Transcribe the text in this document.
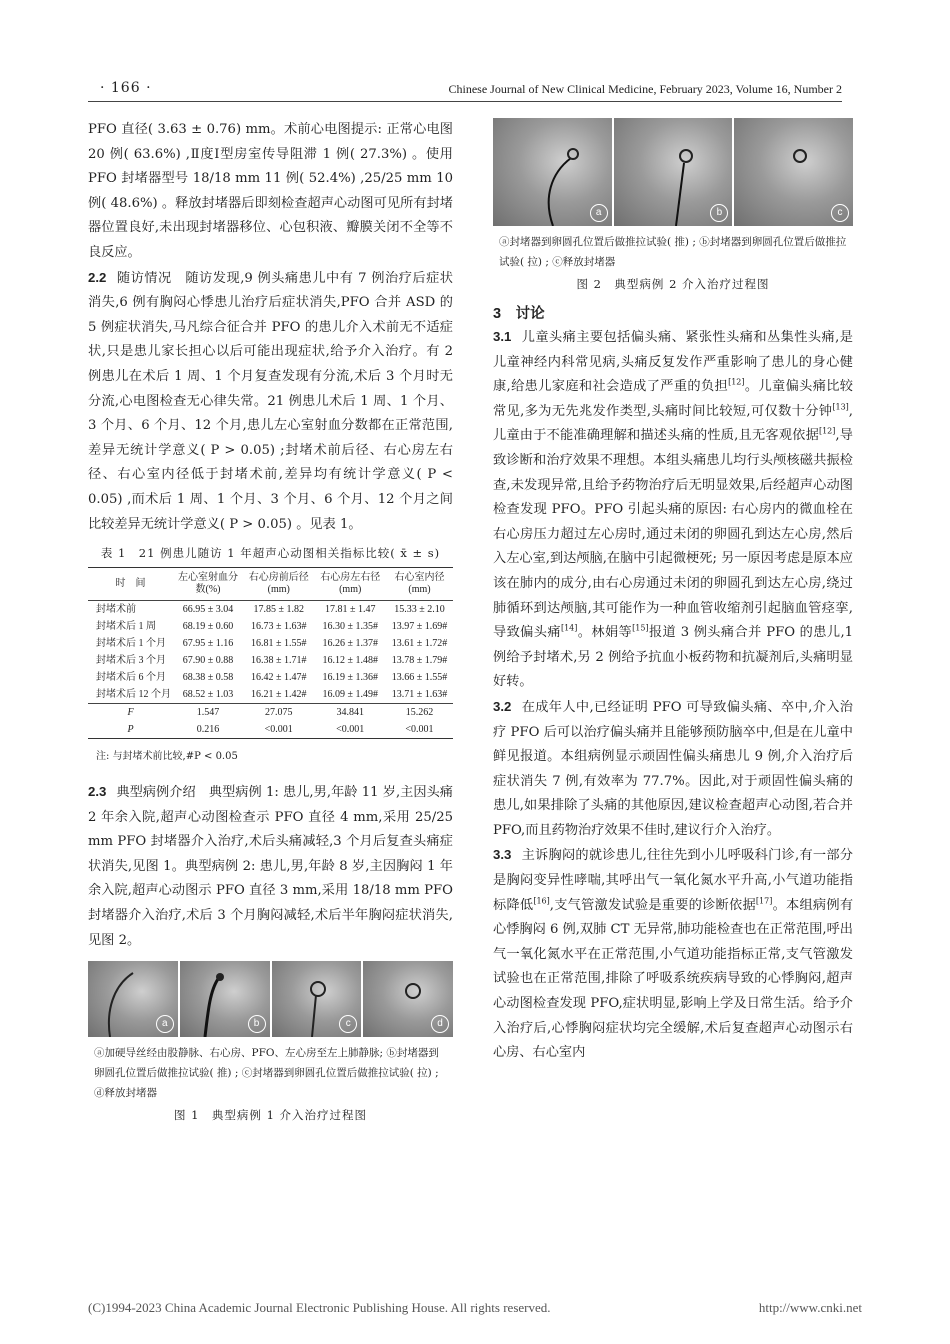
· 166 ·	Chinese Journal of New Clinical Medicine, February 2023, Volume 16, Number 2

PFO 直径( 3.63 ± 0.76) mm。术前心电图提示: 正常心电图 20 例( 63.6%) ,Ⅱ度Ⅰ型房室传导阻滞 1 例( 27.3%) 。使用 PFO 封堵器型号 18/18 mm 11 例( 52.4%) ,25/25 mm 10 例( 48.6%) 。释放封堵器后即刻检查超声心动图可见所有封堵器位置良好,未出现封堵器移位、心包积液、瓣膜关闭不全等不良反应。

2.2 随访情况　随访发现,9 例头痛患儿中有 7 例治疗后症状消失,6 例有胸闷心悸患儿治疗后症状消失,PFO 合并 ASD 的 5 例症状消失,马凡综合征合并 PFO 的患儿介入术前无不适症状,只是患儿家长担心以后可能出现症状,给予介入治疗。有 2 例患儿在术后 1 周、1 个月复查发现有分流,术后 3 个月时无分流,心电图检查无心律失常。21 例患儿术后 1 周、1 个月、3 个月、6 个月、12 个月,患儿左心室射血分数都在正常范围,差异无统计学意义( P > 0.05) ;封堵术前后径、右心房左右径、右心室内径低于封堵术前,差异均有统计学意义( P < 0.05) ,而术后 1 周、1 个月、3 个月、6 个月、12 个月之间比较差异无统计学意义( P > 0.05) 。见表 1。

表 1　21 例患儿随访 1 年超声心动图相关指标比较( x̄ ± s)
时　间	左心室射血分数(%)	右心房前后径(mm)	右心房左右径(mm)	右心室内径(mm)
封堵术前	66.95 ± 3.04	17.85 ± 1.82	17.81 ± 1.47	15.33 ± 2.10
封堵术后 1 周	68.19 ± 0.60	16.73 ± 1.63#	16.30 ± 1.35#	13.97 ± 1.69#
封堵术后 1 个月	67.95 ± 1.16	16.81 ± 1.55#	16.26 ± 1.37#	13.61 ± 1.72#
封堵术后 3 个月	67.90 ± 0.88	16.38 ± 1.71#	16.12 ± 1.48#	13.78 ± 1.79#
封堵术后 6 个月	68.38 ± 0.58	16.42 ± 1.47#	16.19 ± 1.36#	13.66 ± 1.55#
封堵术后 12 个月	68.52 ± 1.03	16.21 ± 1.42#	16.09 ± 1.49#	13.71 ± 1.63#
F	1.547	27.075	34.841	15.262
P	0.216	<0.001	<0.001	<0.001
注: 与封堵术前比较,#P < 0.05

2.3 典型病例介绍　典型病例 1: 患儿,男,年龄 11 岁,主因头痛 2 年余入院,超声心动图检查示 PFO 直径 4 mm,采用 25/25 mm PFO 封堵器介入治疗,术后头痛减轻,3 个月后复查头痛症状消失,见图 1。典型病例 2: 患儿,男,年龄 8 岁,主因胸闷 1 年余入院,超声心动图示 PFO 直径 3 mm,采用 18/18 mm PFO 封堵器介入治疗,术后 3 个月胸闷减轻,术后半年胸闷症状消失,见图 2。

a	b	c	d
ⓐ加硬导丝经由股静脉、右心房、PFO、左心房至左上肺静脉; ⓑ封堵器到卵圆孔位置后做推拉试验( 推) ; ⓒ封堵器到卵圆孔位置后做推拉试验( 拉) ; ⓓ释放封堵器
图 1　典型病例 1 介入治疗过程图
a	b	c
ⓐ封堵器到卵圆孔位置后做推拉试验( 推) ; ⓑ封堵器到卵圆孔位置后做推拉试验( 拉) ; ⓒ释放封堵器
图 2　典型病例 2 介入治疗过程图
3　讨论

3.1 儿童头痛主要包括偏头痛、紧张性头痛和丛集性头痛,是儿童神经内科常见病,头痛反复发作严重影响了患儿的身心健康,给患儿家庭和社会造成了严重的负担[12]。儿童偏头痛比较常见,多为无先兆发作类型,头痛时间比较短,可仅数十分钟[13],儿童由于不能准确理解和描述头痛的性质,且无客观依据[12],导致诊断和治疗效果不理想。本组头痛患儿均行头颅核磁共振检查,未发现异常,且给予药物治疗后无明显效果,后经超声心动图检查发现 PFO。PFO 引起头痛的原因: 右心房内的微血栓在右心房压力超过左心房时,通过未闭的卵圆孔到达左心房,然后入左心室,到达颅脑,在脑中引起微梗死; 另一原因考虑是原本应该在肺内的成分,由右心房通过未闭的卵圆孔到达左心房,绕过肺循环到达颅脑,其可能作为一种血管收缩剂引起脑血管痉挛,导致偏头痛[14]。林娟等[15]报道 3 例头痛合并 PFO 的患儿,1 例给予封堵术,另 2 例给予抗血小板药物和抗凝剂后,头痛明显好转。

3.2 在成年人中,已经证明 PFO 可导致偏头痛、卒中,介入治疗 PFO 后可以治疗偏头痛并且能够预防脑卒中,但是在儿童中鲜见报道。本组病例显示顽固性偏头痛患儿 9 例,介入治疗后症状消失 7 例,有效率为 77.7%。因此,对于顽固性偏头痛的患儿,如果排除了头痛的其他原因,建议检查超声心动图,若合并 PFO,而且药物治疗效果不佳时,建议行介入治疗。

3.3 主诉胸闷的就诊患儿,往往先到小儿呼吸科门诊,有一部分是胸闷变异性哮喘,其呼出气一氧化氮水平升高,小气道功能指标降低[16],支气管激发试验是重要的诊断依据[17]。本组病例有心悸胸闷 6 例,双肺 CT 无异常,肺功能检查也在正常范围,呼出气一氧化氮水平在正常范围,小气道功能指标正常,支气管激发试验也在正常范围,排除了呼吸系统疾病导致的心悸胸闷,超声心动图检查发现 PFO,症状明显,影响上学及日常生活。给予介入治疗后,心悸胸闷症状均完全缓解,术后复查超声心动图示右心房、右心室内

(C)1994-2023 China Academic Journal Electronic Publishing House. All rights reserved.	http://www.cnki.net
